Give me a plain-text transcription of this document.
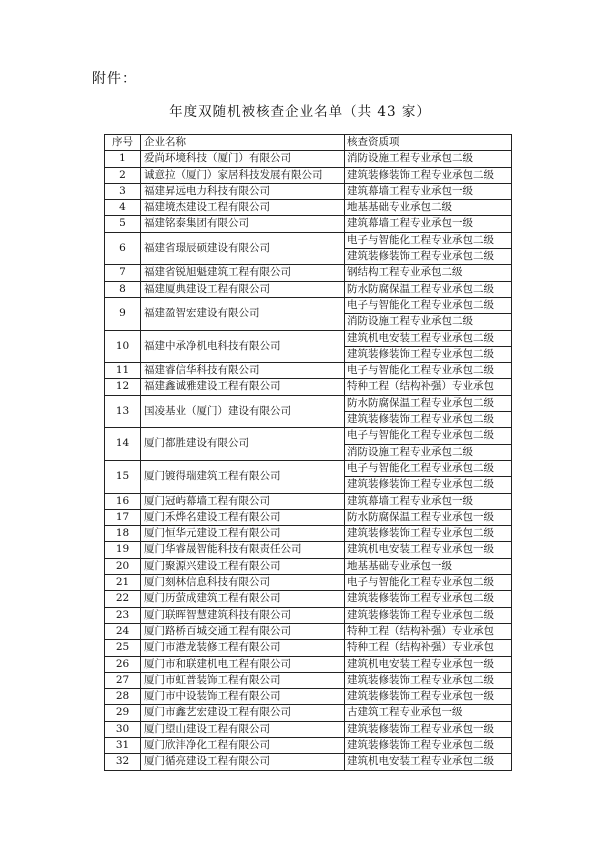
附件：
年度双随机被核查企业名单（共 43 家）
序号	企业名称	核查资质项
1	爱尚环境科技（厦门）有限公司	消防设施工程专业承包二级
2	诚意拉（厦门）家居科技发展有限公司	建筑装修装饰工程专业承包二级
3	福建昇远电力科技有限公司	建筑幕墙工程专业承包一级
4	福建境杰建设工程有限公司	地基基础专业承包二级
5	福建铭泰集团有限公司	建筑幕墙工程专业承包一级
6	福建省璟辰硕建设有限公司	电子与智能化工程专业承包二级
		建筑装修装饰工程专业承包二级
7	福建省锐旭魁建筑工程有限公司	钢结构工程专业承包二级
8	福建厦典建设工程有限公司	防水防腐保温工程专业承包二级
9	福建盈智宏建设有限公司	电子与智能化工程专业承包二级
		消防设施工程专业承包二级
10	福建中承净机电科技有限公司	建筑机电安装工程专业承包二级
		建筑装修装饰工程专业承包二级
11	福建睿信华科技有限公司	电子与智能化工程专业承包二级
12	福建鑫诚雅建设工程有限公司	特种工程（结构补强）专业承包
13	国凌基业（厦门）建设有限公司	防水防腐保温工程专业承包二级
		建筑装修装饰工程专业承包二级
14	厦门都胜建设有限公司	电子与智能化工程专业承包二级
		消防设施工程专业承包二级
15	厦门镀得瑞建筑工程有限公司	电子与智能化工程专业承包二级
		建筑装修装饰工程专业承包二级
16	厦门冠屿幕墙工程有限公司	建筑幕墙工程专业承包一级
17	厦门禾烨名建设工程有限公司	防水防腐保温工程专业承包一级
18	厦门恒华元建设工程有限公司	建筑装修装饰工程专业承包二级
19	厦门华睿晟智能科技有限责任公司	建筑机电安装工程专业承包一级
20	厦门聚源兴建设工程有限公司	地基基础专业承包一级
21	厦门刻林信息科技有限公司	电子与智能化工程专业承包二级
22	厦门历萤成建筑工程有限公司	建筑装修装饰工程专业承包二级
23	厦门联晖智慧建筑科技有限公司	建筑装修装饰工程专业承包二级
24	厦门路桥百城交通工程有限公司	特种工程（结构补强）专业承包
25	厦门市港龙装修工程有限公司	特种工程（结构补强）专业承包
26	厦门市和联建机电工程有限公司	建筑机电安装工程专业承包一级
27	厦门市虹普装饰工程有限公司	建筑装修装饰工程专业承包二级
28	厦门市中设装饰工程有限公司	建筑装修装饰工程专业承包一级
29	厦门市鑫艺宏建设工程有限公司	古建筑工程专业承包一级
30	厦门望山建设工程有限公司	建筑装修装饰工程专业承包一级
31	厦门欣沣净化工程有限公司	建筑装修装饰工程专业承包二级
32	厦门循亮建设工程有限公司	建筑机电安装工程专业承包二级
